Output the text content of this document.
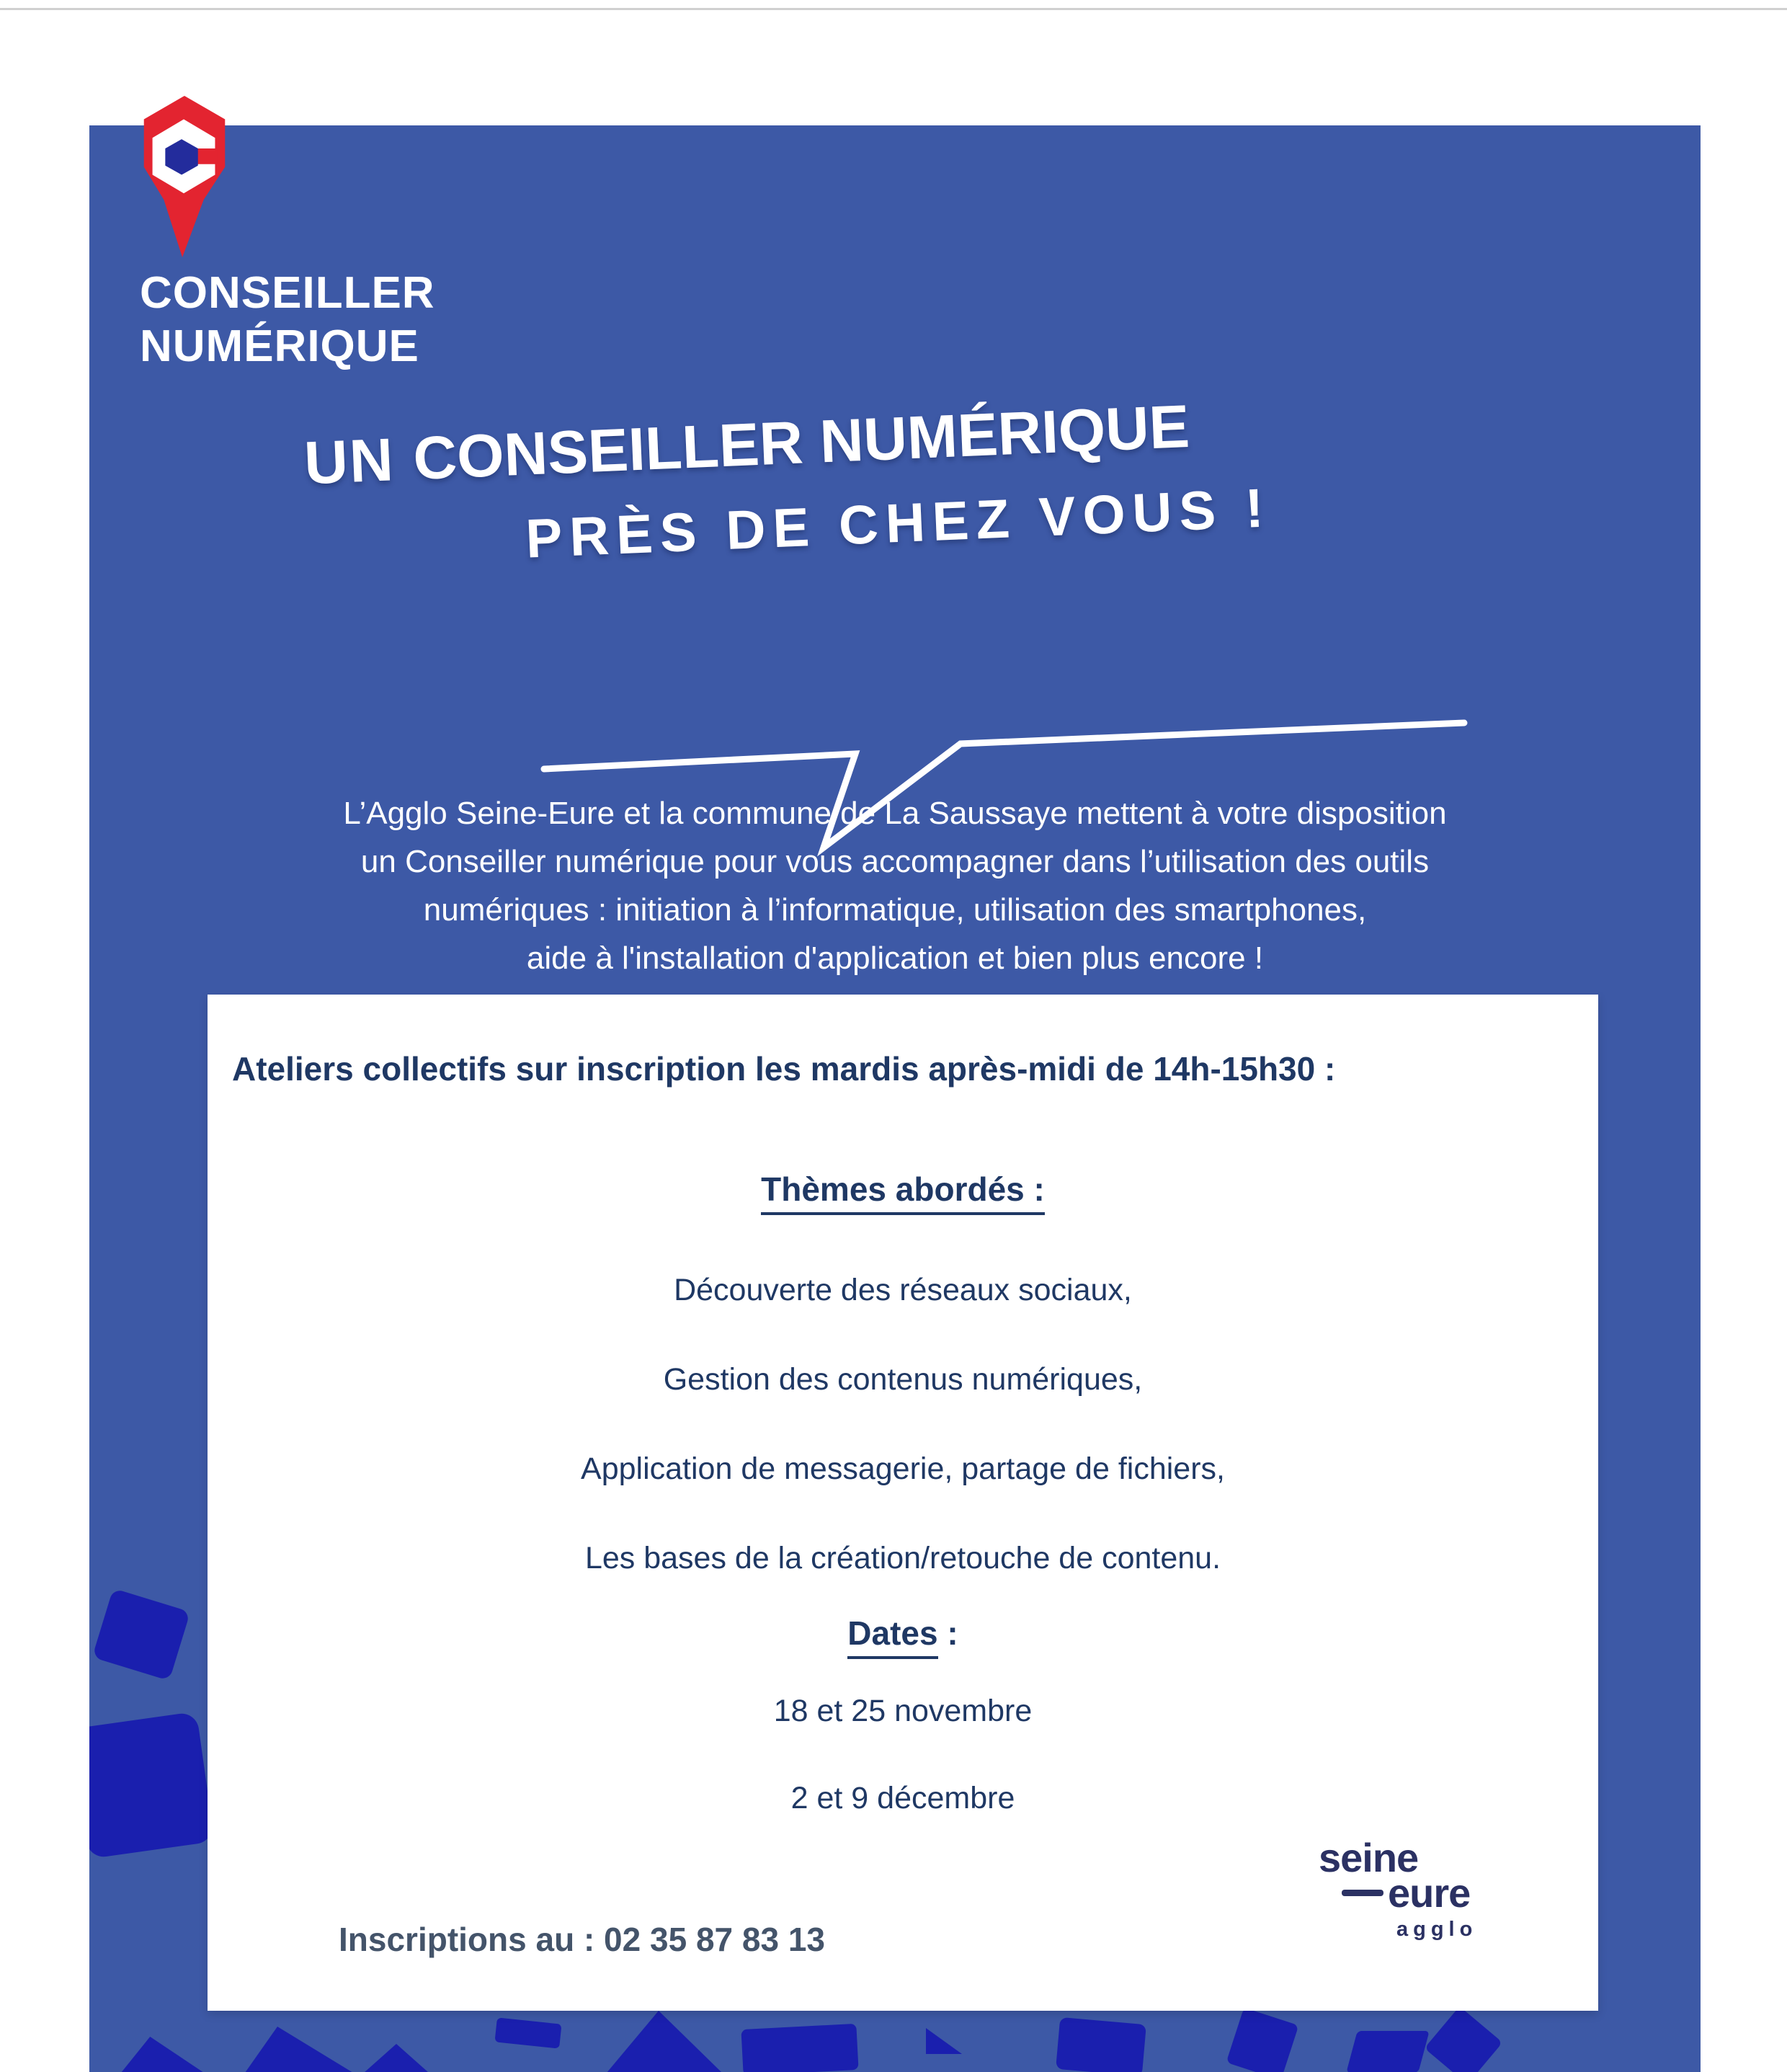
UN CONSEILLER NUMÉRIQUE
PRÈS DE CHEZ VOUS !
L’Agglo Seine-Eure et la commune de La Saussaye mettent à votre disposition
un Conseiller numérique pour vous accompagner dans l’utilisation des outils
numériques : initiation à l’informatique, utilisation des smartphones,
aide à l'installation d'application et bien plus encore !
CONSEILLER
NUMÉRIQUE
Ateliers collectifs sur inscription les mardis après-midi de 14h-15h30 :
Thèmes abordés :
Découverte des réseaux sociaux,
Gestion des contenus numériques,
Application de messagerie, partage de fichiers,
Les bases de la création/retouche de contenu.
Dates :
18 et 25 novembre
2 et 9 décembre
Inscriptions au : 02 35 87 83 13
seine
eure
agglo
